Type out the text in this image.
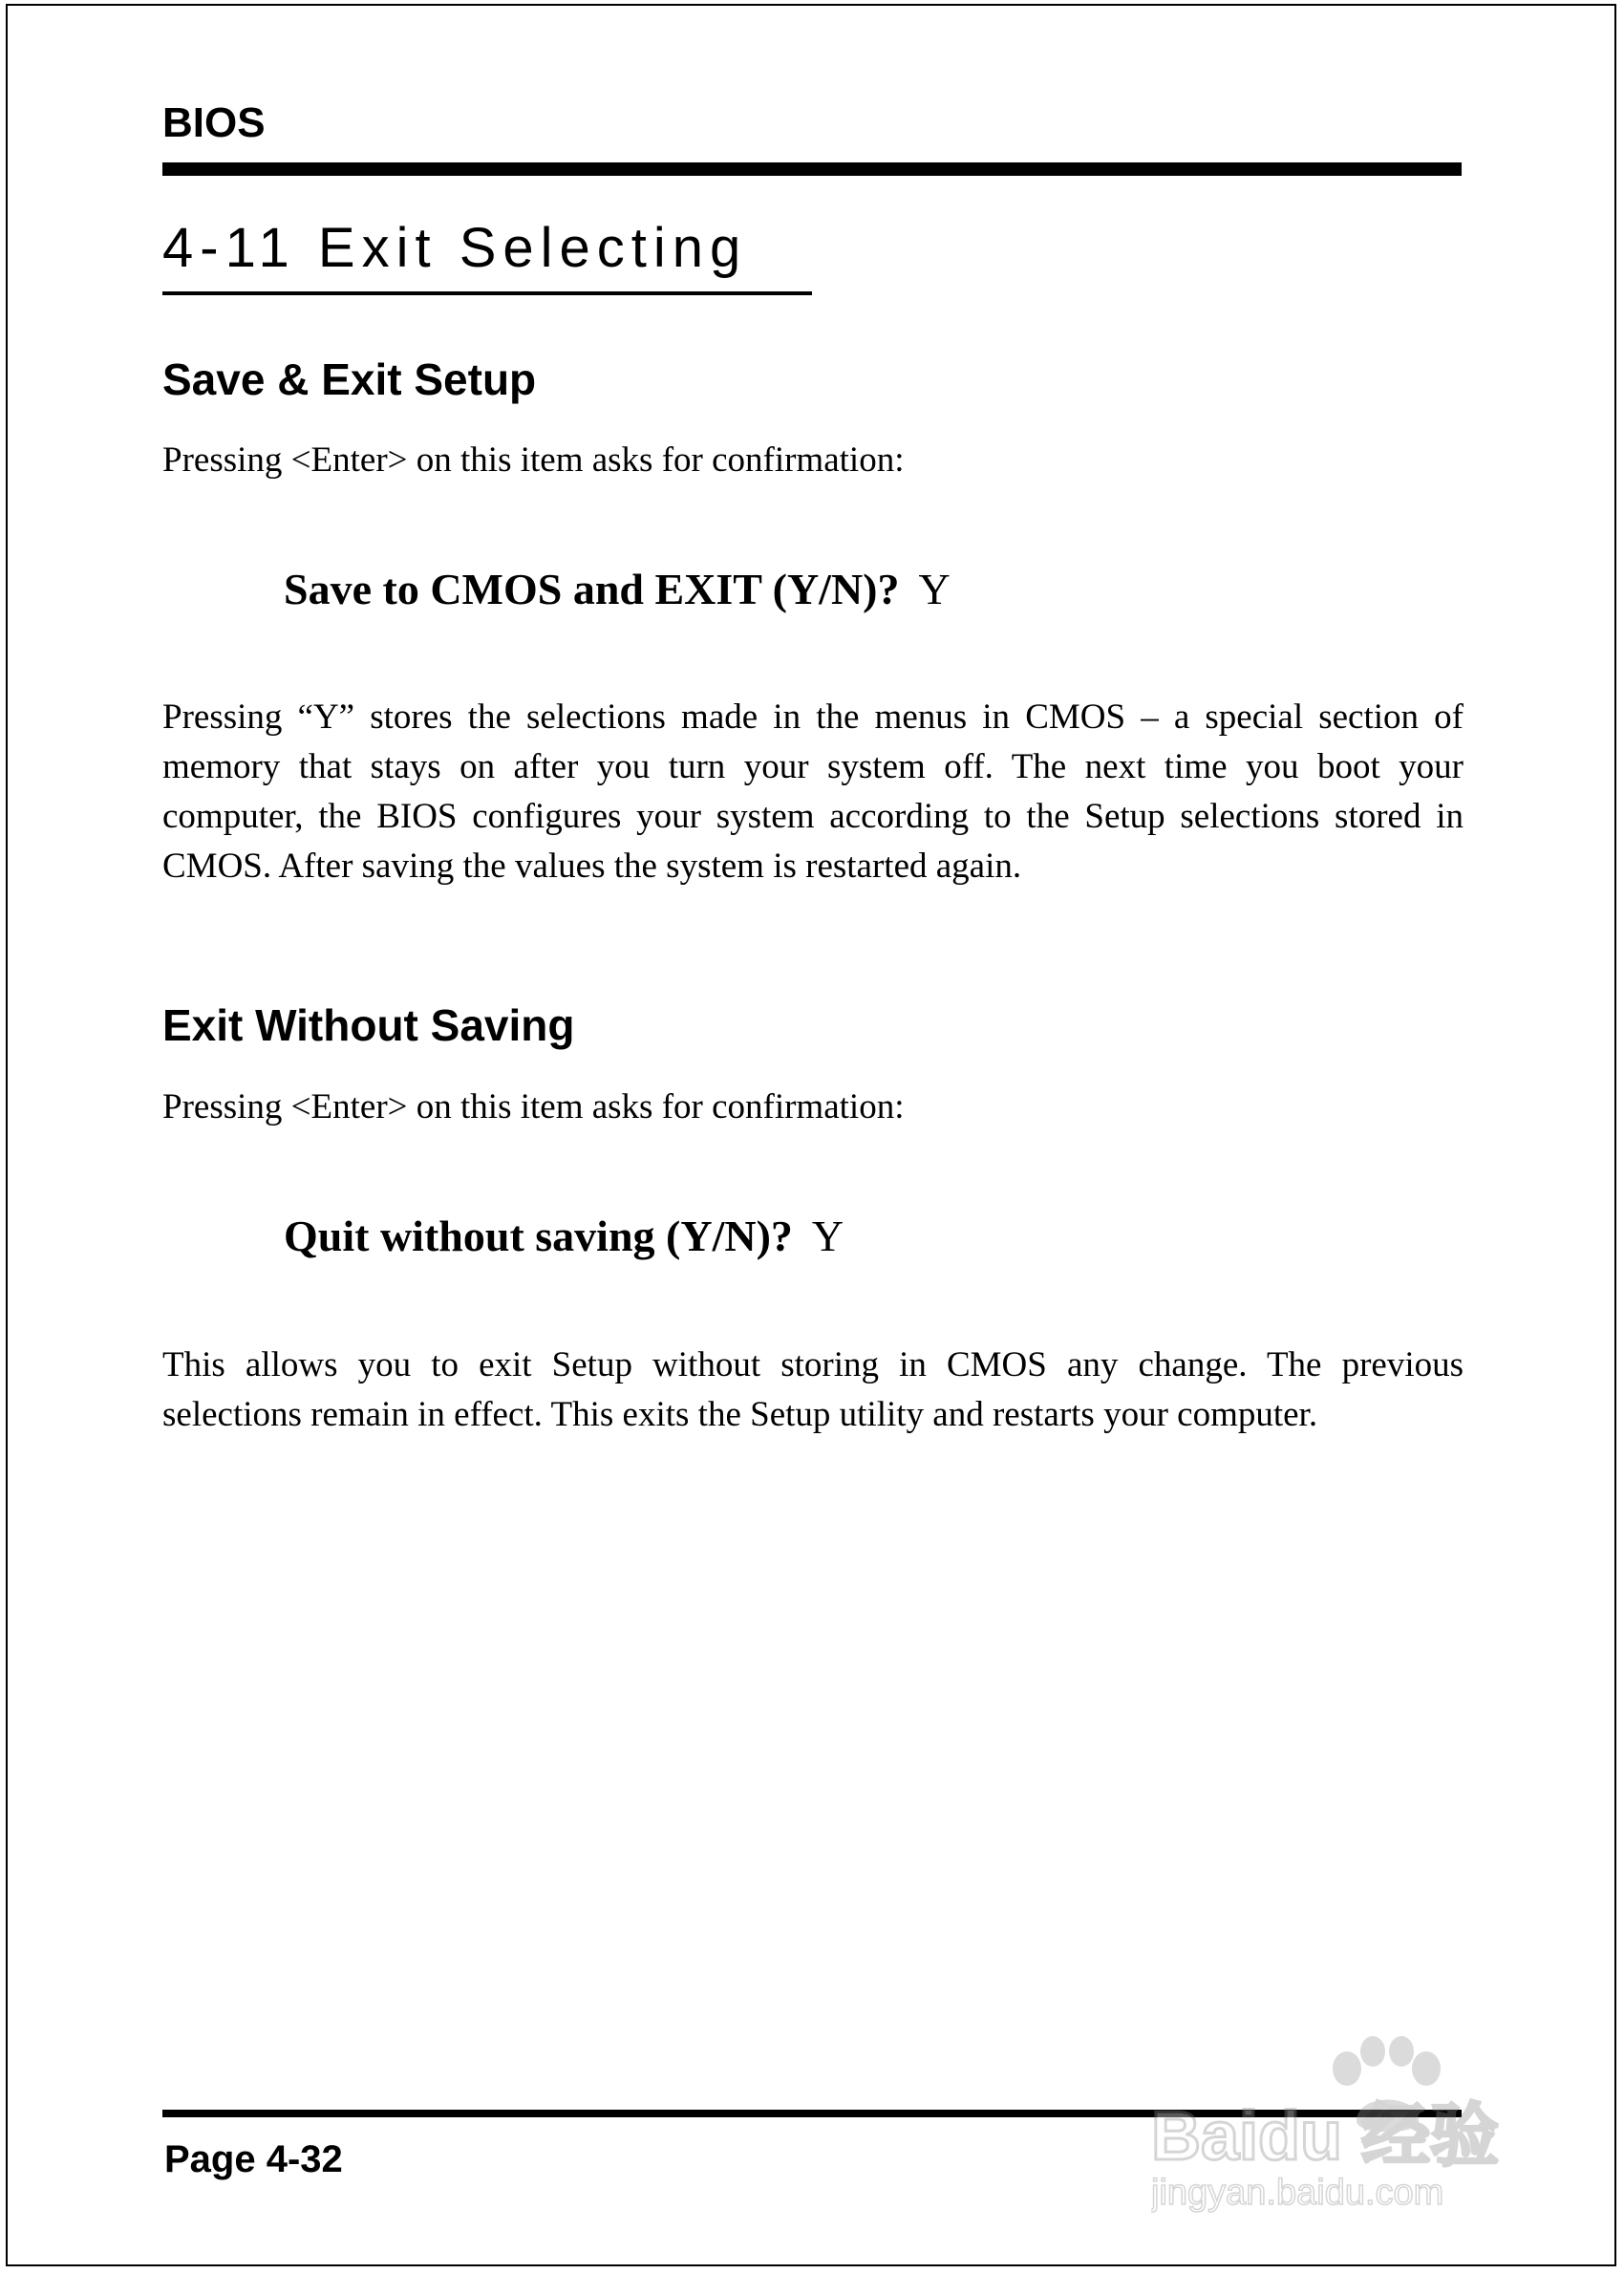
BIOS
4-11 Exit Selecting
Save & Exit Setup
Pressing <Enter> on this item asks for confirmation:
Save to CMOS and EXIT (Y/N)? Y
Pressing “Y” stores the selections made in the menus in CMOS – a special section of memory that stays on after you turn your system off. The next time you boot your computer, the BIOS configures your system according to the Setup selections stored in CMOS. After saving the values the system is restarted again.
Exit Without Saving
Pressing <Enter> on this item asks for confirmation:
Quit without saving (Y/N)? Y
This allows you to exit Setup without storing in CMOS any change. The previous selections remain in effect. This exits the Setup utility and restarts your computer.
Page 4-32	Baidu 经验
jingyan.baidu.com
